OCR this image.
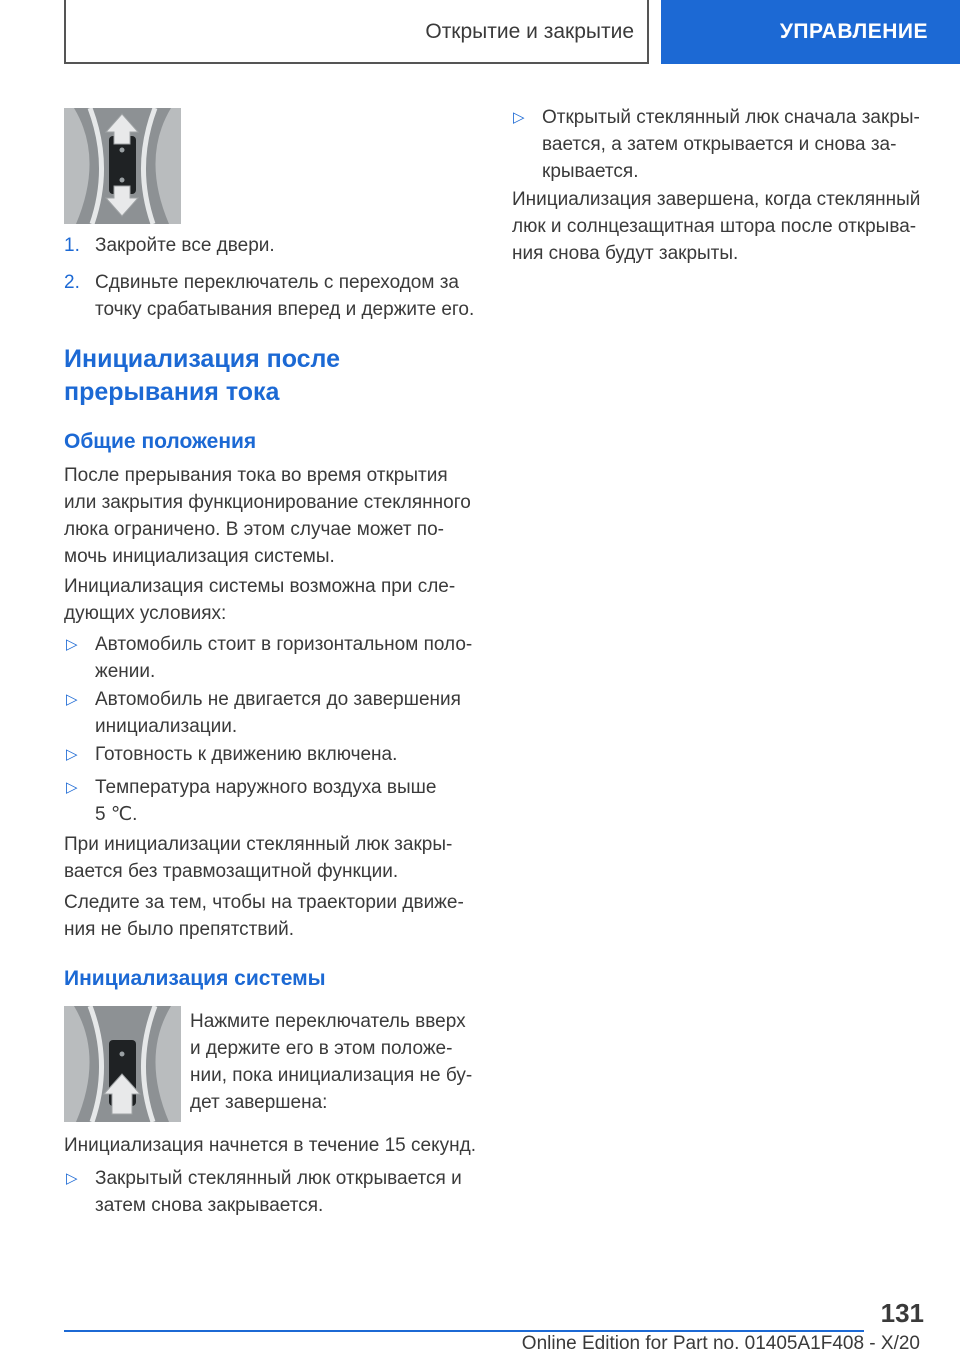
Открытие и закрытие	УПРАВЛЕНИЕ
1. Закройте все двери.
2. Сдвиньте переключатель с переходом за
точку срабатывания вперед и держите его.
Инициализация после
прерывания тока
Общие положения
После прерывания тока во время открытия
или закрытия функционирование стеклянного
люка ограничено. В этом случае может по-
мочь инициализация системы.
Инициализация системы возможна при сле-
дующих условиях:
▷ Автомобиль стоит в горизонтальном поло-
жении.
▷ Автомобиль не двигается до завершения
инициализации.
▷ Готовность к движению включена.
▷ Температура наружного воздуха выше
5 ℃.
При инициализации стеклянный люк закры-
вается без травмозащитной функции.
Следите за тем, чтобы на траектории движе-
ния не было препятствий.
Инициализация системы
Нажмите переключатель вверх
и держите его в этом положе-
нии, пока инициализация не бу-
дет завершена:
Инициализация начнется в течение 15 секунд.
▷ Закрытый стеклянный люк открывается и
затем снова закрывается.
▷ Открытый стеклянный люк сначала закры-
вается, а затем открывается и снова за-
крывается.
Инициализация завершена, когда стеклянный
люк и солнцезащитная штора после открыва-
ния снова будут закрыты.
131
Online Edition for Part no. 01405A1F408 - X/20
